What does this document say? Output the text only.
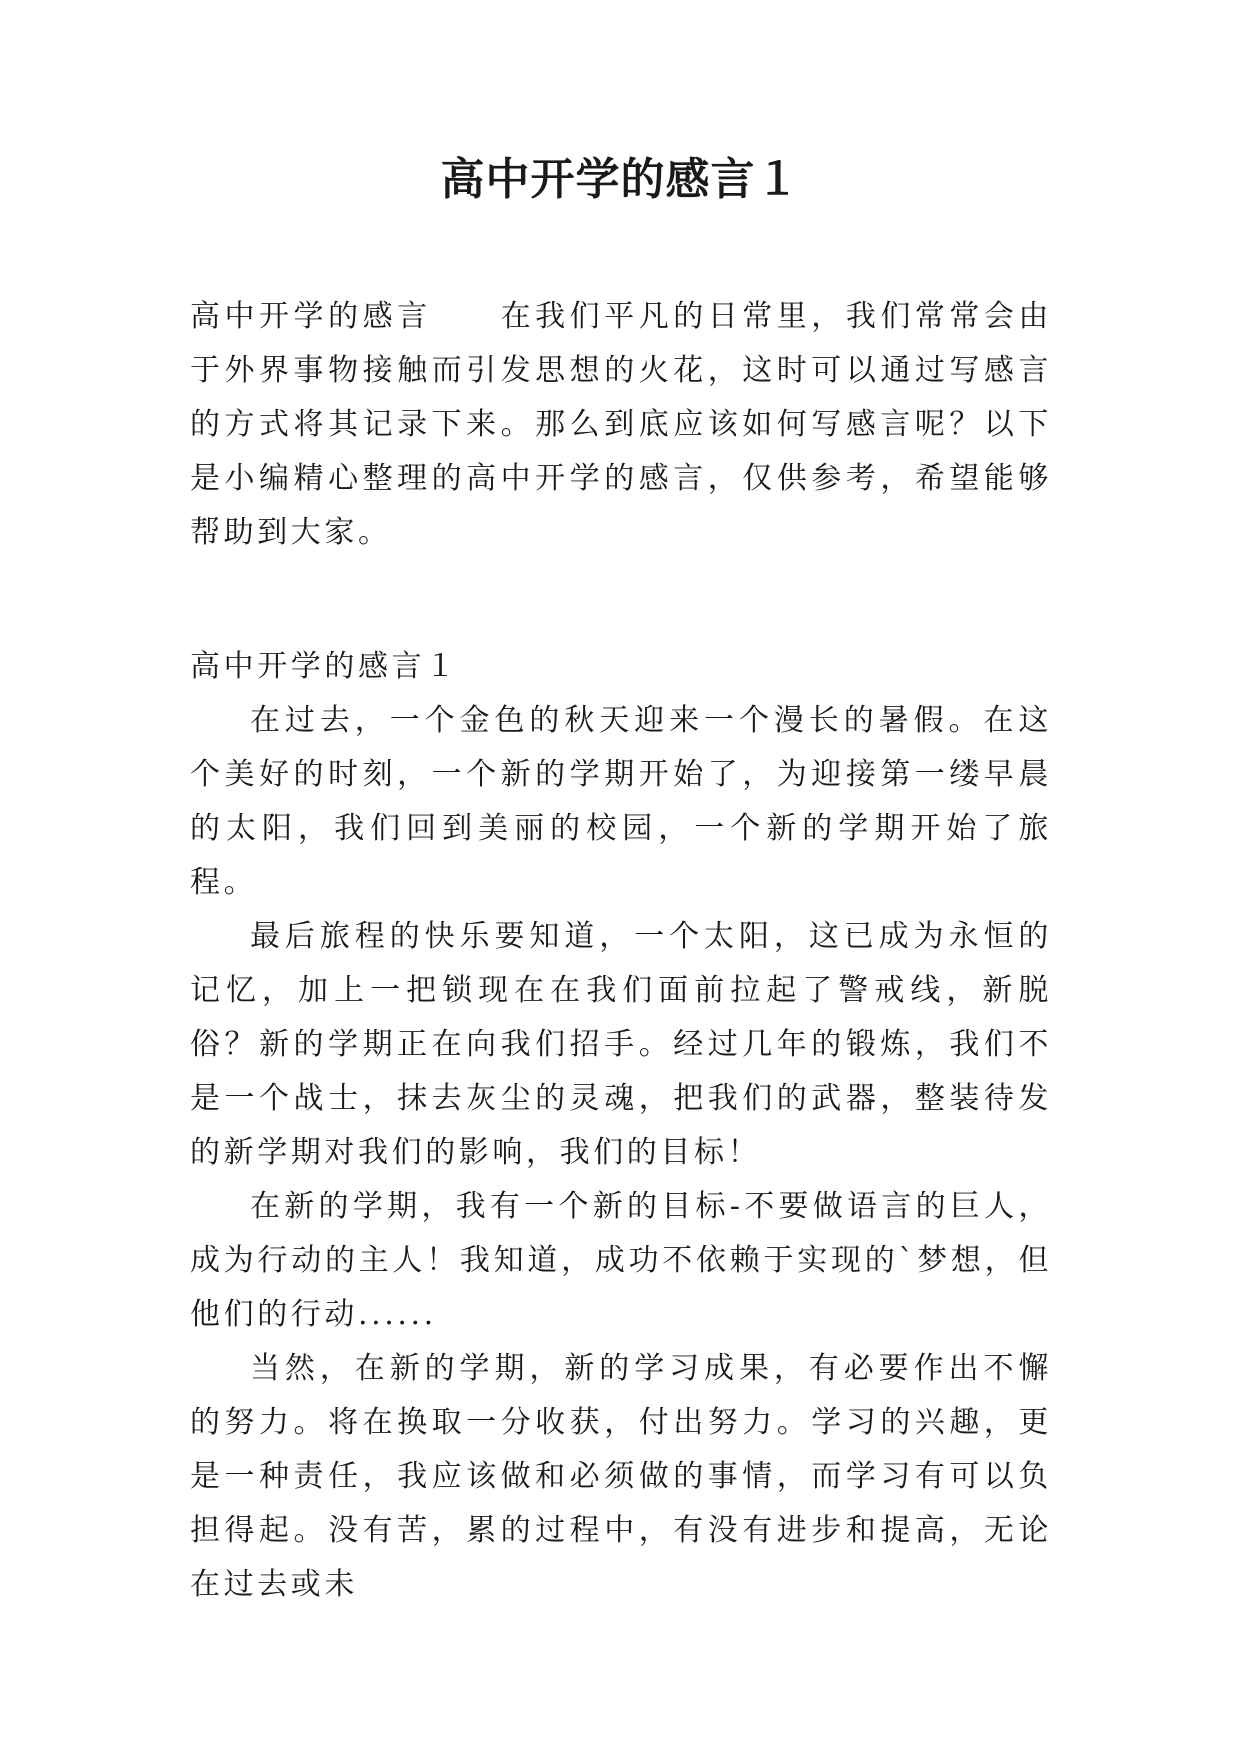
高中开学的感言１

高中开学的感言　　在我们平凡的日常里，我们常常会由于外界事物接触而引发思想的火花，这时可以通过写感言的方式将其记录下来。那么到底应该如何写感言呢？以下是小编精心整理的高中开学的感言，仅供参考，希望能够帮助到大家。

高中开学的感言１

在过去，一个金色的秋天迎来一个漫长的暑假。在这个美好的时刻，一个新的学期开始了，为迎接第一缕早晨的太阳，我们回到美丽的校园，一个新的学期开始了旅程。

最后旅程的快乐要知道，一个太阳，这已成为永恒的记忆，加上一把锁现在在我们面前拉起了警戒线，新脱俗？新的学期正在向我们招手。经过几年的锻炼，我们不是一个战士，抹去灰尘的灵魂，把我们的武器，整装待发的新学期对我们的影响，我们的目标！

在新的学期，我有一个新的目标-不要做语言的巨人，成为行动的主人！我知道，成功不依赖于实现的`梦想，但他们的行动......

当然，在新的学期，新的学习成果，有必要作出不懈的努力。将在换取一分收获，付出努力。学习的兴趣，更是一种责任，我应该做和必须做的事情，而学习有可以负担得起。没有苦，累的过程中，有没有进步和提高，无论在过去或未
